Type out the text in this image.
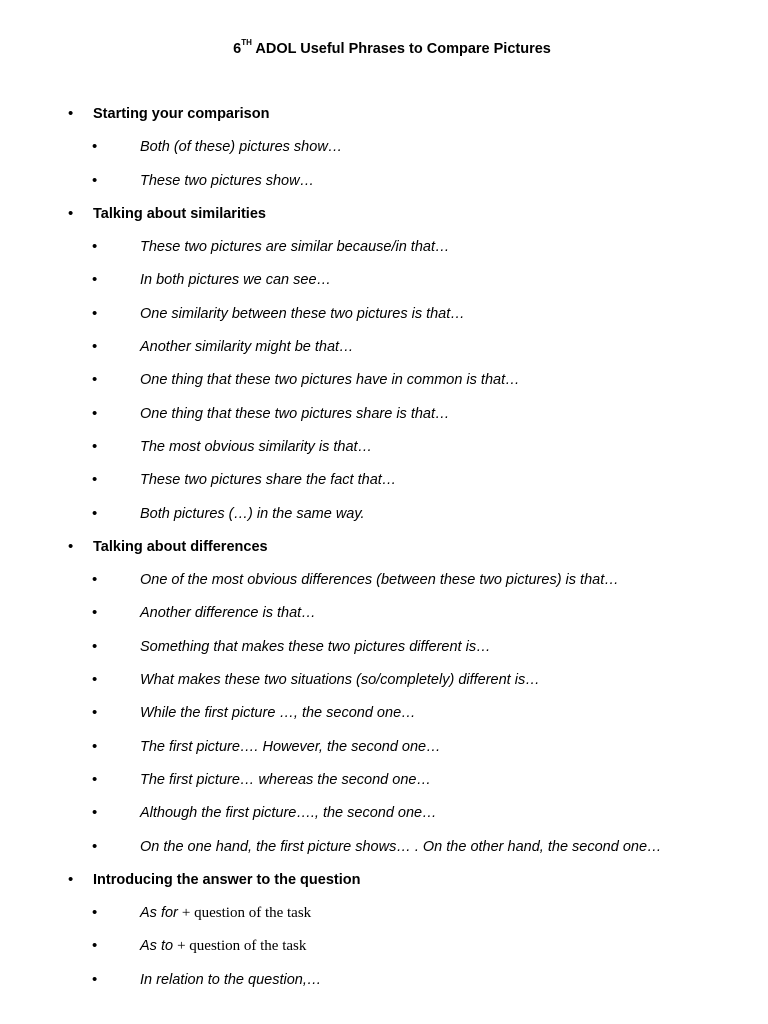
6TH ADOL Useful Phrases to Compare Pictures
• Starting your comparison
•	Both (of these) pictures show…
•	These two pictures show…
• Talking about similarities
•	These two pictures are similar because/in that…
•	In both pictures we can see…
•	One similarity between these two pictures is that…
•	Another similarity might be that…
•	One thing that these two pictures have in common is that…
•	One thing that these two pictures share is that…
•	The most obvious similarity is that…
•	These two pictures share the fact that…
•	Both pictures (…) in the same way.
• Talking about differences
•	One of the most obvious differences (between these two pictures) is that…
•	Another difference is that…
•	Something that makes these two pictures different is…
•	What makes these two situations (so/completely) different is…
•	While the first picture …, the second one…
•	The first picture…. However, the second one…
•	The first picture… whereas the second one…
•	Although the first picture…., the second one…
•	On the one hand, the first picture shows… . On the other hand, the second one…
• Introducing the answer to the question
•	As for + question of the task
•	As to + question of the task
•	In relation to the question,…
